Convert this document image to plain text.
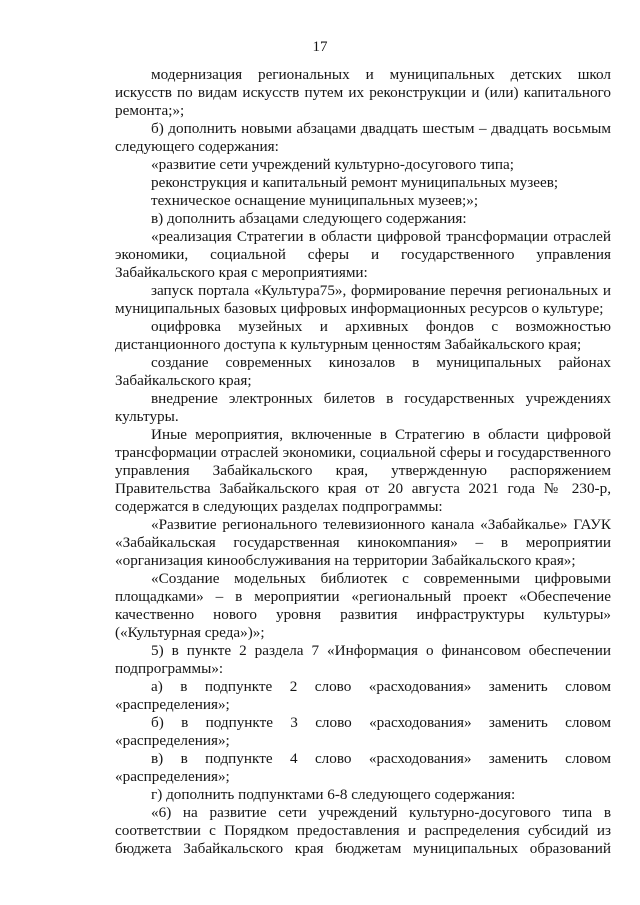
17

модернизация региональных и муниципальных детских школ искусств по видам искусств путем их реконструкции и (или) капитального ремонта;»;

б) дополнить новыми абзацами двадцать шестым – двадцать восьмым следующего содержания:

«развитие сети учреждений культурно-досугового типа;

реконструкция и капитальный ремонт муниципальных музеев;

техническое оснащение муниципальных музеев;»;

в) дополнить абзацами следующего содержания:

«реализация Стратегии в области цифровой трансформации отраслей экономики, социальной сферы и государственного управления Забайкальского края с мероприятиями:

запуск портала «Культура75», формирование перечня региональных и муниципальных базовых цифровых информационных ресурсов о культуре;

оцифровка музейных и архивных фондов с возможностью дистанционного доступа к культурным ценностям Забайкальского края;

создание современных кинозалов в муниципальных районах Забайкальского края;

внедрение электронных билетов в государственных учреждениях культуры.

Иные мероприятия, включенные в Стратегию в области цифровой трансформации отраслей экономики, социальной сферы и государственного управления Забайкальского края, утвержденную распоряжением Правительства Забайкальского края от 20 августа 2021 года № 230-р, содержатся в следующих разделах подпрограммы:

«Развитие регионального телевизионного канала «Забайкалье» ГАУК «Забайкальская государственная кинокомпания» – в мероприятии «организация кинообслуживания на территории Забайкальского края»;

«Создание модельных библиотек с современными цифровыми площадками» – в мероприятии «региональный проект «Обеспечение качественно нового уровня развития инфраструктуры культуры» («Культурная среда»)»;

5) в пункте 2 раздела 7 «Информация о финансовом обеспечении подпрограммы»:

а) в подпункте 2 слово «расходования» заменить словом «распределения»;

б) в подпункте 3 слово «расходования» заменить словом «распределения»;

в) в подпункте 4 слово «расходования» заменить словом «распределения»;

г) дополнить подпунктами 6-8 следующего содержания:

«6) на развитие сети учреждений культурно-досугового типа в соответствии с Порядком предоставления и распределения субсидий из бюджета Забайкальского края бюджетам муниципальных образований
